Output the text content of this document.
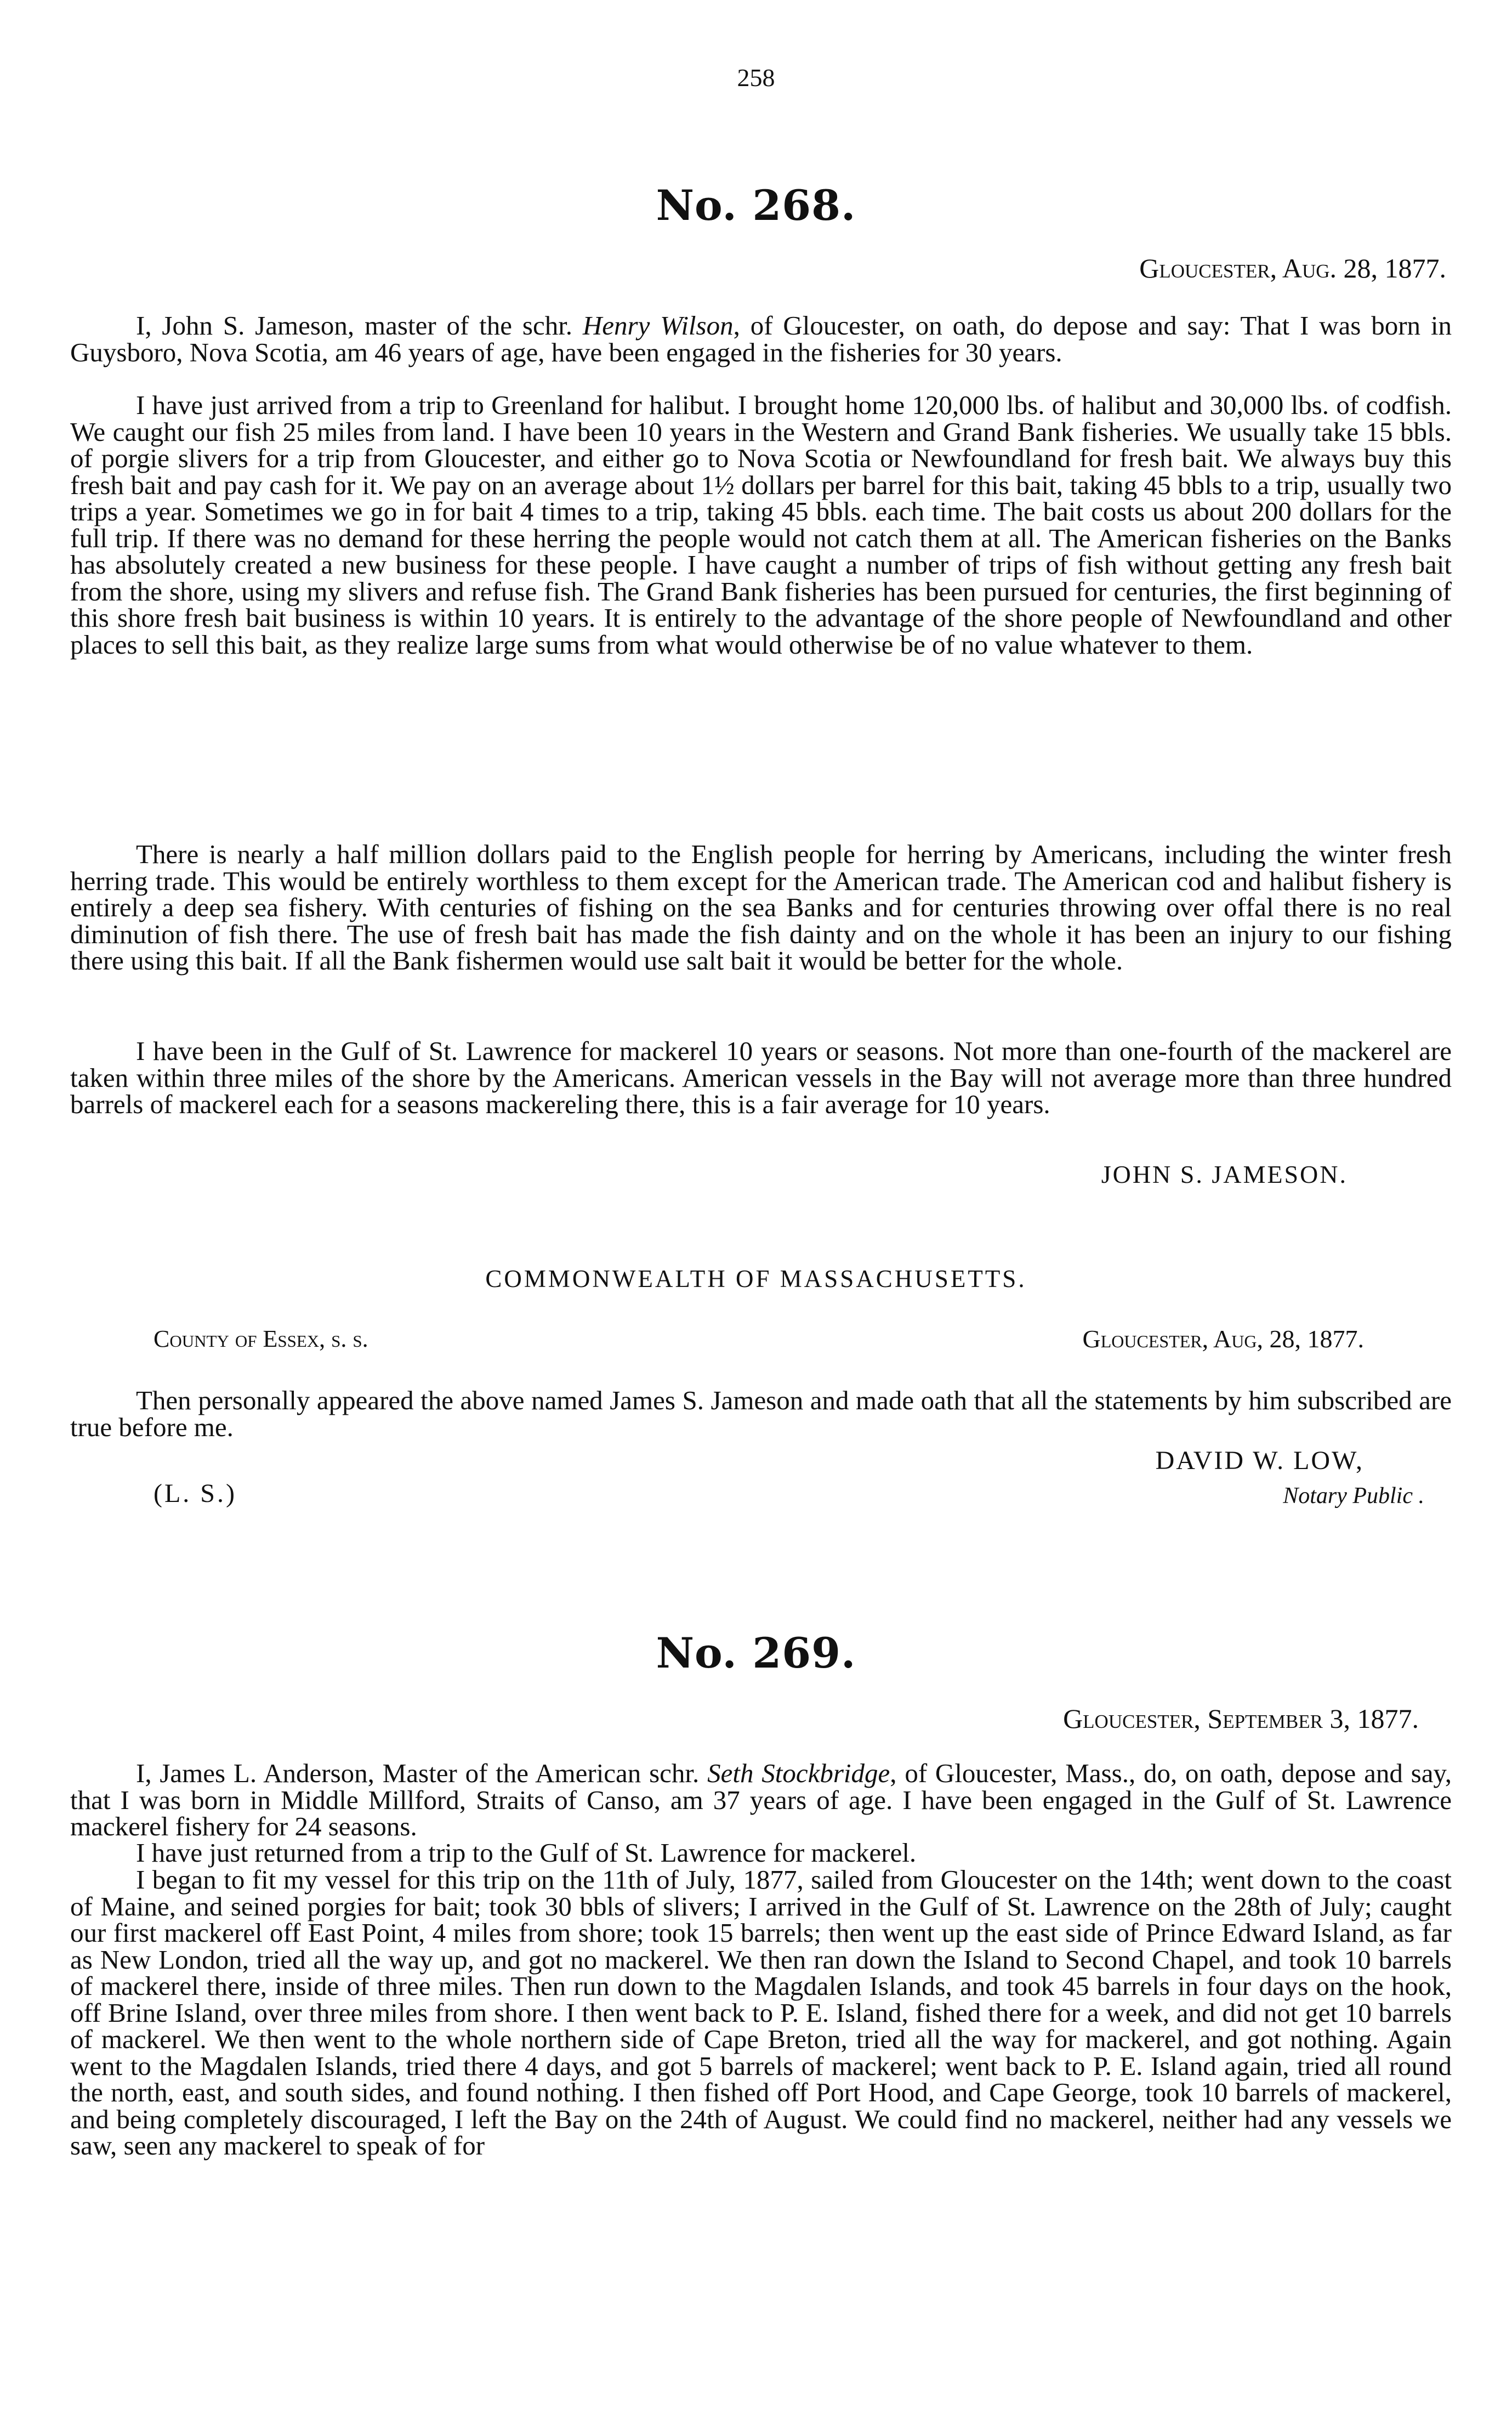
258
No. 268.
Gloucester, Aug. 28, 1877.
I, John S. Jameson, master of the schr. Henry Wilson, of Gloucester, on oath, do depose and say: That I was born in Guysboro, Nova Scotia, am 46 years of age, have been engaged in the fisheries for 30 years.
I have just arrived from a trip to Greenland for halibut. I brought home 120,000 lbs. of halibut and 30,000 lbs. of codfish. We caught our fish 25 miles from land. I have been 10 years in the Western and Grand Bank fisheries. We usually take 15 bbls. of porgie slivers for a trip from Gloucester, and either go to Nova Scotia or Newfoundland for fresh bait. We always buy this fresh bait and pay cash for it. We pay on an average about 1½ dollars per barrel for this bait, taking 45 bbls to a trip, usually two trips a year. Sometimes we go in for bait 4 times to a trip, taking 45 bbls. each time. The bait costs us about 200 dollars for the full trip. If there was no demand for these herring the people would not catch them at all. The American fisheries on the Banks has absolutely created a new business for these people. I have caught a number of trips of fish without getting any fresh bait from the shore, using my slivers and refuse fish. The Grand Bank fisheries has been pursued for centuries, the first beginning of this shore fresh bait business is within 10 years. It is entirely to the advantage of the shore people of Newfoundland and other places to sell this bait, as they realize large sums from what would otherwise be of no value whatever to them.
There is nearly a half million dollars paid to the English people for herring by Americans, including the winter fresh herring trade. This would be entirely worthless to them except for the American trade. The American cod and halibut fishery is entirely a deep sea fishery. With centuries of fishing on the sea Banks and for centuries throwing over offal there is no real diminution of fish there. The use of fresh bait has made the fish dainty and on the whole it has been an injury to our fishing there using this bait. If all the Bank fishermen would use salt bait it would be better for the whole.
I have been in the Gulf of St. Lawrence for mackerel 10 years or seasons. Not more than one-fourth of the mackerel are taken within three miles of the shore by the Americans. American vessels in the Bay will not average more than three hundred barrels of mackerel each for a seasons mackereling there, this is a fair average for 10 years.
JOHN S. JAMESON.
COMMONWEALTH OF MASSACHUSETTS.
County of Essex, s. s.	Gloucester, Aug, 28, 1877.
Then personally appeared the above named James S. Jameson and made oath that all the statements by him subscribed are true before me.
DAVID W. LOW,
(L. S.)	Notary Public .
No. 269.
Gloucester, September 3, 1877.
I, James L. Anderson, Master of the American schr. Seth Stockbridge, of Gloucester, Mass., do, on oath, depose and say, that I was born in Middle Millford, Straits of Canso, am 37 years of age. I have been engaged in the Gulf of St. Lawrence mackerel fishery for 24 seasons.
I have just returned from a trip to the Gulf of St. Lawrence for mackerel.
I began to fit my vessel for this trip on the 11th of July, 1877, sailed from Gloucester on the 14th; went down to the coast of Maine, and seined porgies for bait; took 30 bbls of slivers; I arrived in the Gulf of St. Lawrence on the 28th of July; caught our first mackerel off East Point, 4 miles from shore; took 15 barrels; then went up the east side of Prince Edward Island, as far as New London, tried all the way up, and got no mackerel. We then ran down the Island to Second Chapel, and took 10 barrels of mackerel there, inside of three miles. Then run down to the Magdalen Islands, and took 45 barrels in four days on the hook, off Brine Island, over three miles from shore. I then went back to P. E. Island, fished there for a week, and did not get 10 barrels of mackerel. We then went to the whole northern side of Cape Breton, tried all the way for mackerel, and got nothing. Again went to the Magdalen Islands, tried there 4 days, and got 5 barrels of mackerel; went back to P. E. Island again, tried all round the north, east, and south sides, and found nothing. I then fished off Port Hood, and Cape George, took 10 barrels of mackerel, and being completely discouraged, I left the Bay on the 24th of August. We could find no mackerel, neither had any vessels we saw, seen any mackerel to speak of for
